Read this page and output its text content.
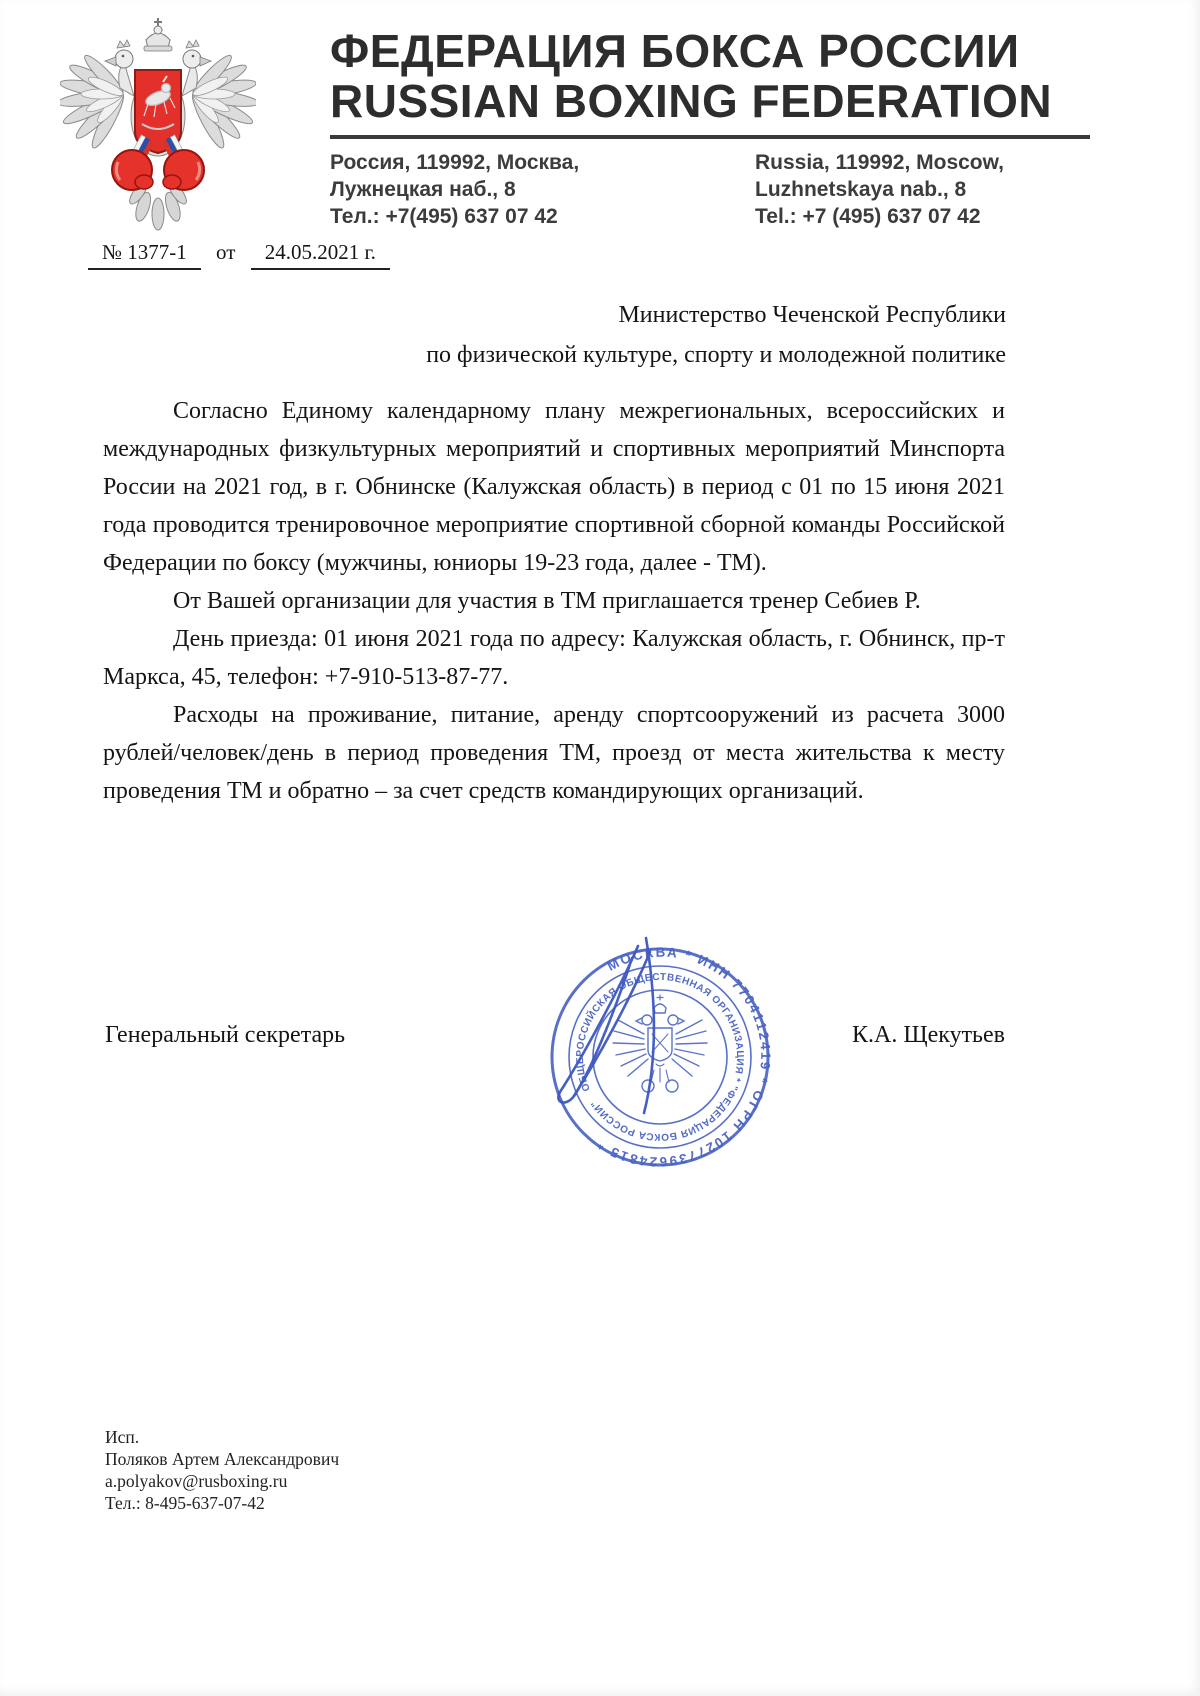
ФЕДЕРАЦИЯ БОКСА РОССИИ
RUSSIAN BOXING FEDERATION
Россия, 119992, Москва,
Лужнецкая наб., 8
Тел.: +7(495) 637 07 42
Russia, 119992, Moscow,
Luzhnetskaya nab., 8
Tel.: +7 (495) 637 07 42
№ 1377-1 от 24.05.2021 г.
Министерство Чеченской Республики
по физической культуре, спорту и молодежной политике

Согласно Единому календарному плану межрегиональных, всероссийских и международных физкультурных мероприятий и спортивных мероприятий Минспорта России на 2021 год, в г. Обнинске (Калужская область) в период с 01 по 15 июня 2021 года проводится тренировочное мероприятие спортивной сборной команды Российской Федерации по боксу (мужчины, юниоры 19-23 года, далее - ТМ).

От Вашей организации для участия в ТМ приглашается тренер Себиев Р.

День приезда: 01 июня 2021 года по адресу: Калужская область, г. Обнинск, пр-т Маркса, 45, телефон: +7-910-513-87-77.

Расходы на проживание, питание, аренду спортсооружений из расчета 3000 рублей/человек/день в период проведения ТМ, проезд от места жительства к месту проведения ТМ и обратно – за счет средств командирующих организаций.

Генеральный секретарь	К.А. Щекутьев
МОСКВА * ИНН 7704112419 * ОГРН 1027739624815 *
ОБЩЕРОССИЙСКАЯ ОБЩЕСТВЕННАЯ ОРГАНИЗАЦИЯ * "ФЕДЕРАЦИЯ БОКСА РОССИИ"
Исп.
Поляков Артем Александрович
a.polyakov@rusboxing.ru
Тел.: 8-495-637-07-42
